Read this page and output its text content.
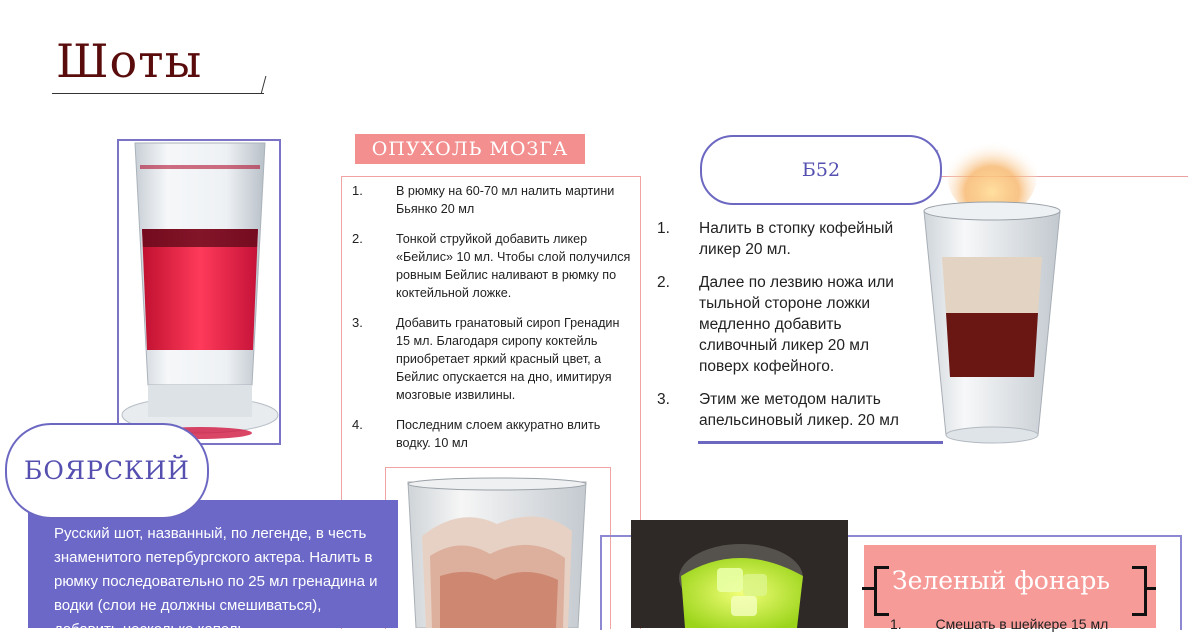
Шоты
ОПУХОЛЬ МОЗГА
1.	В рюмку на 60-70 мл налить мартини Бьянко 20 мл
2.	Тонкой струйкой добавить ликер «Бейлис» 10 мл. Чтобы слой получился ровным Бейлис наливают в рюмку по коктейльной ложке.
3.	Добавить гранатовый сироп Гренадин 15 мл. Благодаря сиропу коктейль приобретает яркий красный цвет, а Бейлис опускается на дно, имитируя мозговые извилины.
4.	Последним слоем аккуратно влить водку. 10 мл
Б52
1.	Налить в стопку кофейный ликер 20 мл.
2.	Далее по лезвию ножа или тыльной стороне ложки медленно добавить сливочный ликер 20 мл поверх кофейного.
3.	Этим же методом налить апельсиновый ликер. 20 мл
БОЯРСКИЙ
Русский шот, названный, по легенде, в честь знаменитого петербургского актера. Налить в рюмку последовательно по 25 мл гренадина и водки (слои не должны смешиваться), добавить несколько капель
Зеленый фонарь
1. Смешать в шейкере 15 мл
